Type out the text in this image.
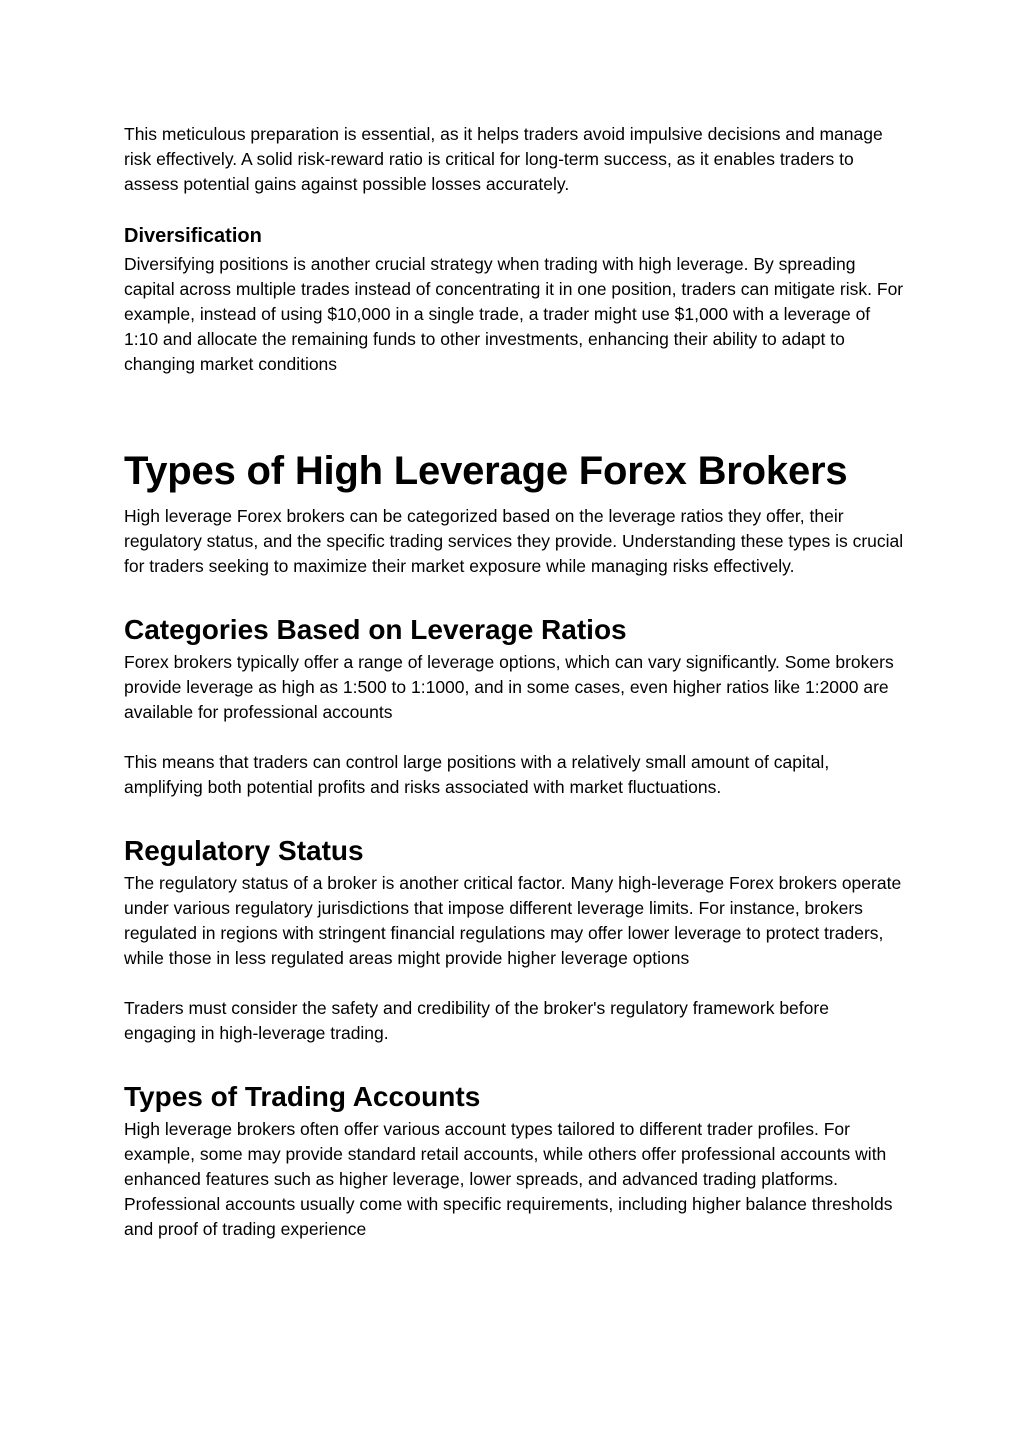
This meticulous preparation is essential, as it helps traders avoid impulsive decisions and manage risk effectively. A solid risk-reward ratio is critical for long-term success, as it enables traders to assess potential gains against possible losses accurately.

Diversification

Diversifying positions is another crucial strategy when trading with high leverage. By spreading capital across multiple trades instead of concentrating it in one position, traders can mitigate risk. For example, instead of using $10,000 in a single trade, a trader might use $1,000 with a leverage of 1:10 and allocate the remaining funds to other investments, enhancing their ability to adapt to changing market conditions

Types of High Leverage Forex Brokers

High leverage Forex brokers can be categorized based on the leverage ratios they offer, their regulatory status, and the specific trading services they provide. Understanding these types is crucial for traders seeking to maximize their market exposure while managing risks effectively.

Categories Based on Leverage Ratios

Forex brokers typically offer a range of leverage options, which can vary significantly. Some brokers provide leverage as high as 1:500 to 1:1000, and in some cases, even higher ratios like 1:2000 are available for professional accounts

This means that traders can control large positions with a relatively small amount of capital, amplifying both potential profits and risks associated with market fluctuations.

Regulatory Status

The regulatory status of a broker is another critical factor. Many high-leverage Forex brokers operate under various regulatory jurisdictions that impose different leverage limits. For instance, brokers regulated in regions with stringent financial regulations may offer lower leverage to protect traders, while those in less regulated areas might provide higher leverage options

Traders must consider the safety and credibility of the broker's regulatory framework before engaging in high-leverage trading.

Types of Trading Accounts

High leverage brokers often offer various account types tailored to different trader profiles. For example, some may provide standard retail accounts, while others offer professional accounts with enhanced features such as higher leverage, lower spreads, and advanced trading platforms. Professional accounts usually come with specific requirements, including higher balance thresholds and proof of trading experience
